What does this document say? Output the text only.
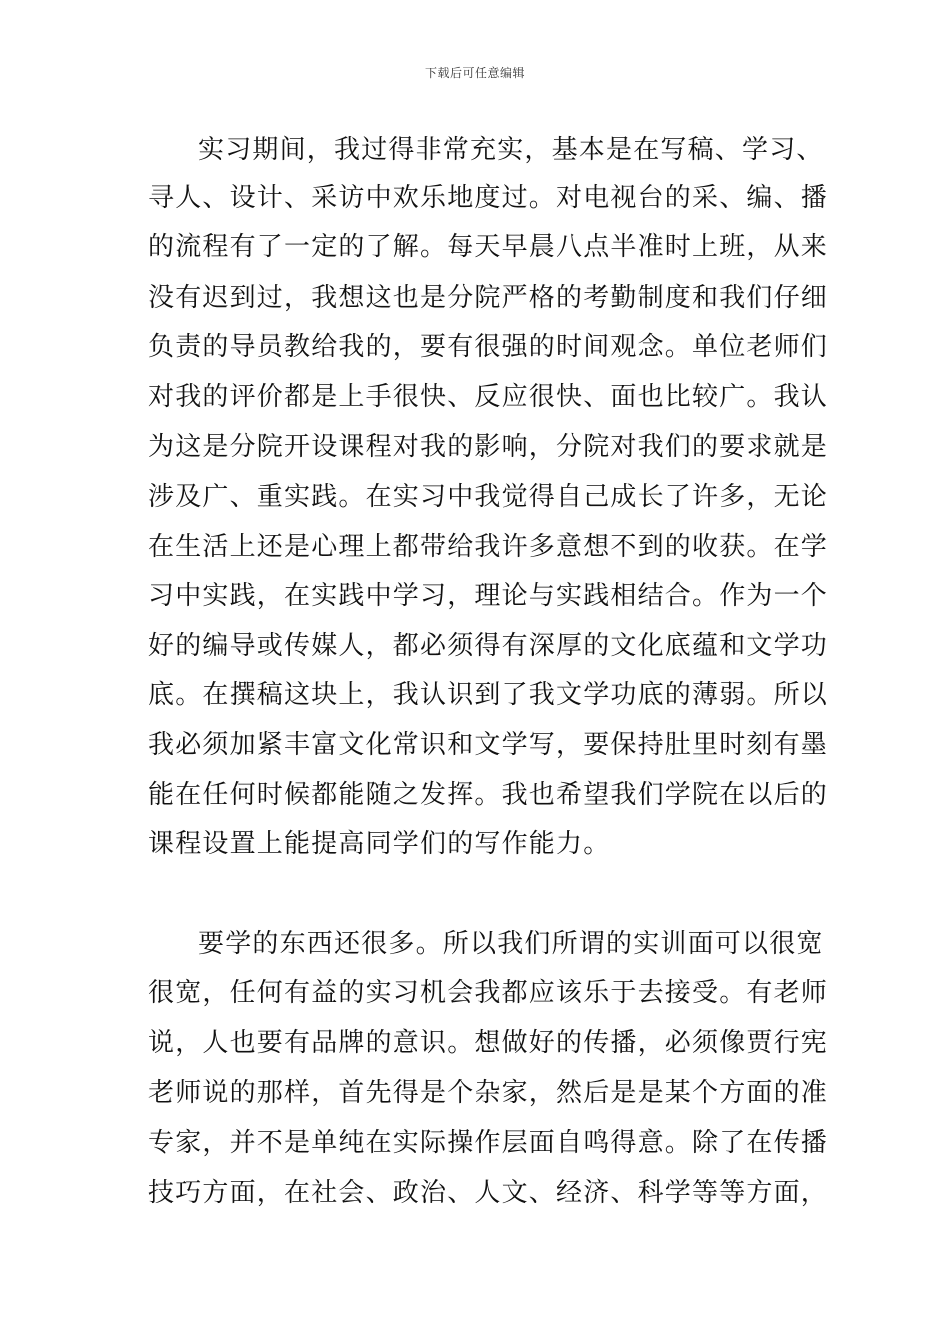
下载后可任意编辑
实习期间，我过得非常充实，基本是在写稿、学习、
寻人、设计、采访中欢乐地度过。对电视台的采、编、播
的流程有了一定的了解。每天早晨八点半准时上班，从来
没有迟到过，我想这也是分院严格的考勤制度和我们仔细
负责的导员教给我的，要有很强的时间观念。单位老师们
对我的评价都是上手很快、反应很快、面也比较广。我认
为这是分院开设课程对我的影响，分院对我们的要求就是
涉及广、重实践。在实习中我觉得自己成长了许多，无论
在生活上还是心理上都带给我许多意想不到的收获。在学
习中实践，在实践中学习，理论与实践相结合。作为一个
好的编导或传媒人，都必须得有深厚的文化底蕴和文学功
底。在撰稿这块上，我认识到了我文学功底的薄弱。所以
我必须加紧丰富文化常识和文学写，要保持肚里时刻有墨
能在任何时候都能随之发挥。我也希望我们学院在以后的
课程设置上能提高同学们的写作能力。
要学的东西还很多。所以我们所谓的实训面可以很宽
很宽，任何有益的实习机会我都应该乐于去接受。有老师
说，人也要有品牌的意识。想做好的传播，必须像贾行宪
老师说的那样，首先得是个杂家，然后是是某个方面的准
专家，并不是单纯在实际操作层面自鸣得意。除了在传播
技巧方面，在社会、政治、人文、经济、科学等等方面，
